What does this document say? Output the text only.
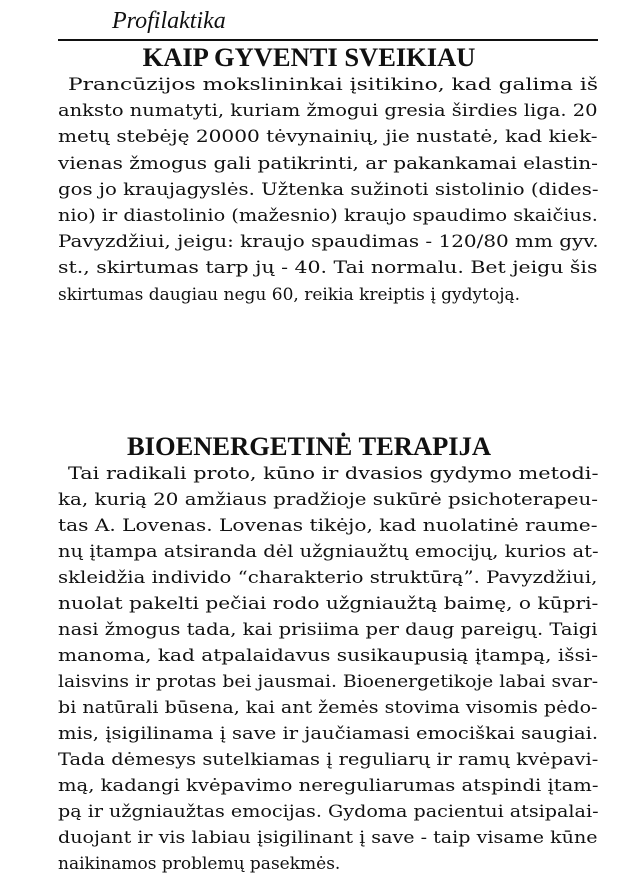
Profilaktika
KAIP GYVENTI SVEIKIAU
Prancūzijos mokslininkai įsitikino, kad galima iš
anksto numatyti, kuriam žmogui gresia širdies liga. 20
metų stebėję 20000 tėvynainių, jie nustatė, kad kiek-
vienas žmogus gali patikrinti, ar pakankamai elastin-
gos jo kraujagyslės. Užtenka sužinoti sistolinio (dides-
nio) ir diastolinio (mažesnio) kraujo spaudimo skaičius.
Pavyzdžiui, jeigu: kraujo spaudimas - 120/80 mm gyv.
st., skirtumas tarp jų - 40. Tai normalu. Bet jeigu šis
skirtumas daugiau negu 60, reikia kreiptis į gydytoją.
BIOENERGETINĖ TERAPIJA
Tai radikali proto, kūno ir dvasios gydymo metodi-
ka, kurią 20 amžiaus pradžioje sukūrė psichoterapeu-
tas A. Lovenas. Lovenas tikėjo, kad nuolatinė raume-
nų įtampa atsiranda dėl užgniaužtų emocijų, kurios at-
skleidžia individo “charakterio struktūrą”. Pavyzdžiui,
nuolat pakelti pečiai rodo užgniaužtą baimę, o kūpri-
nasi žmogus tada, kai prisiima per daug pareigų. Taigi
manoma, kad atpalaidavus susikaupusią įtampą, išsi-
laisvins ir protas bei jausmai. Bioenergetikoje labai svar-
bi natūrali būsena, kai ant žemės stovima visomis pėdo-
mis, įsigilinama į save ir jaučiamasi emociškai saugiai.
Tada dėmesys sutelkiamas į reguliarų ir ramų kvėpavi-
mą, kadangi kvėpavimo nereguliarumas atspindi įtam-
pą ir užgniaužtas emocijas. Gydoma pacientui atsipalai-
duojant ir vis labiau įsigilinant į save - taip visame kūne
naikinamos problemų pasekmės.
